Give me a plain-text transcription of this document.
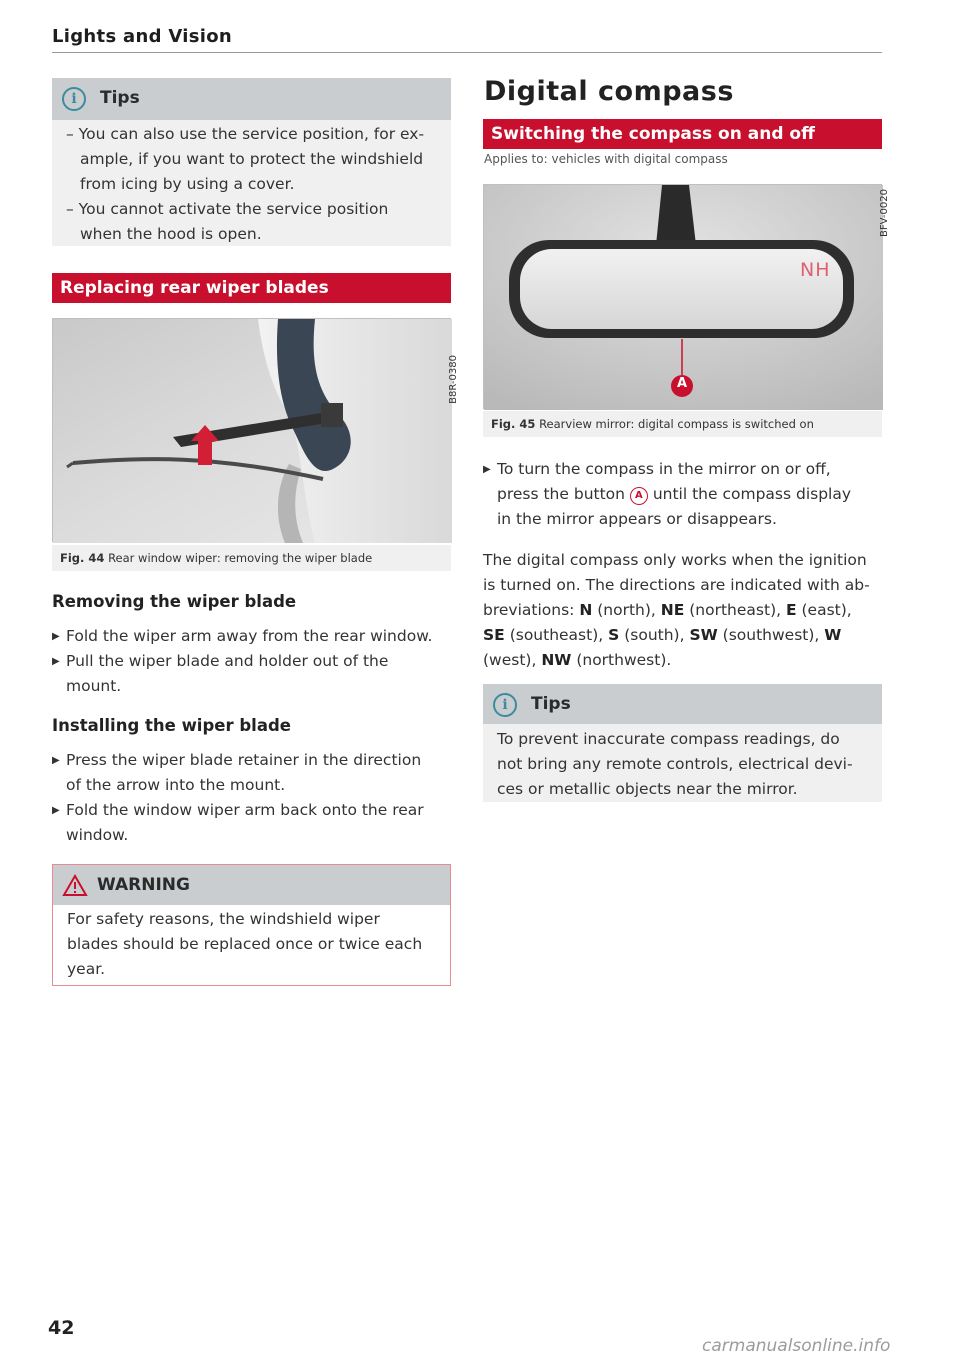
Lights and Vision
i	Tips
– You can also use the service position, for ex-
ample, if you want to protect the windshield
from icing by using a cover.
– You cannot activate the service position
when the hood is open.
Replacing rear wiper blades
B8R-0380
Fig. 44 Rear window wiper: removing the wiper blade
Removing the wiper blade
▶ Fold the wiper arm away from the rear window.
▶ Pull the wiper blade and holder out of the
mount.
Installing the wiper blade
▶ Press the wiper blade retainer in the direction
of the arrow into the mount.
▶ Fold the window wiper arm back onto the rear
window.
WARNING
For safety reasons, the windshield wiper
blades should be replaced once or twice each
year.
Digital compass
Switching the compass on and off
Applies to: vehicles with digital compass
NH
A
BFV-0020
Fig. 45 Rearview mirror: digital compass is switched on
▶ To turn the compass in the mirror on or off,
press the button A until the compass display
in the mirror appears or disappears.
The digital compass only works when the ignition
is turned on. The directions are indicated with ab-
breviations: N (north), NE (northeast), E (east),
SE (southeast), S (south), SW (southwest), W
(west), NW (northwest).
i	Tips
To prevent inaccurate compass readings, do
not bring any remote controls, electrical devi-
ces or metallic objects near the mirror.
42
carmanualsonline.info
